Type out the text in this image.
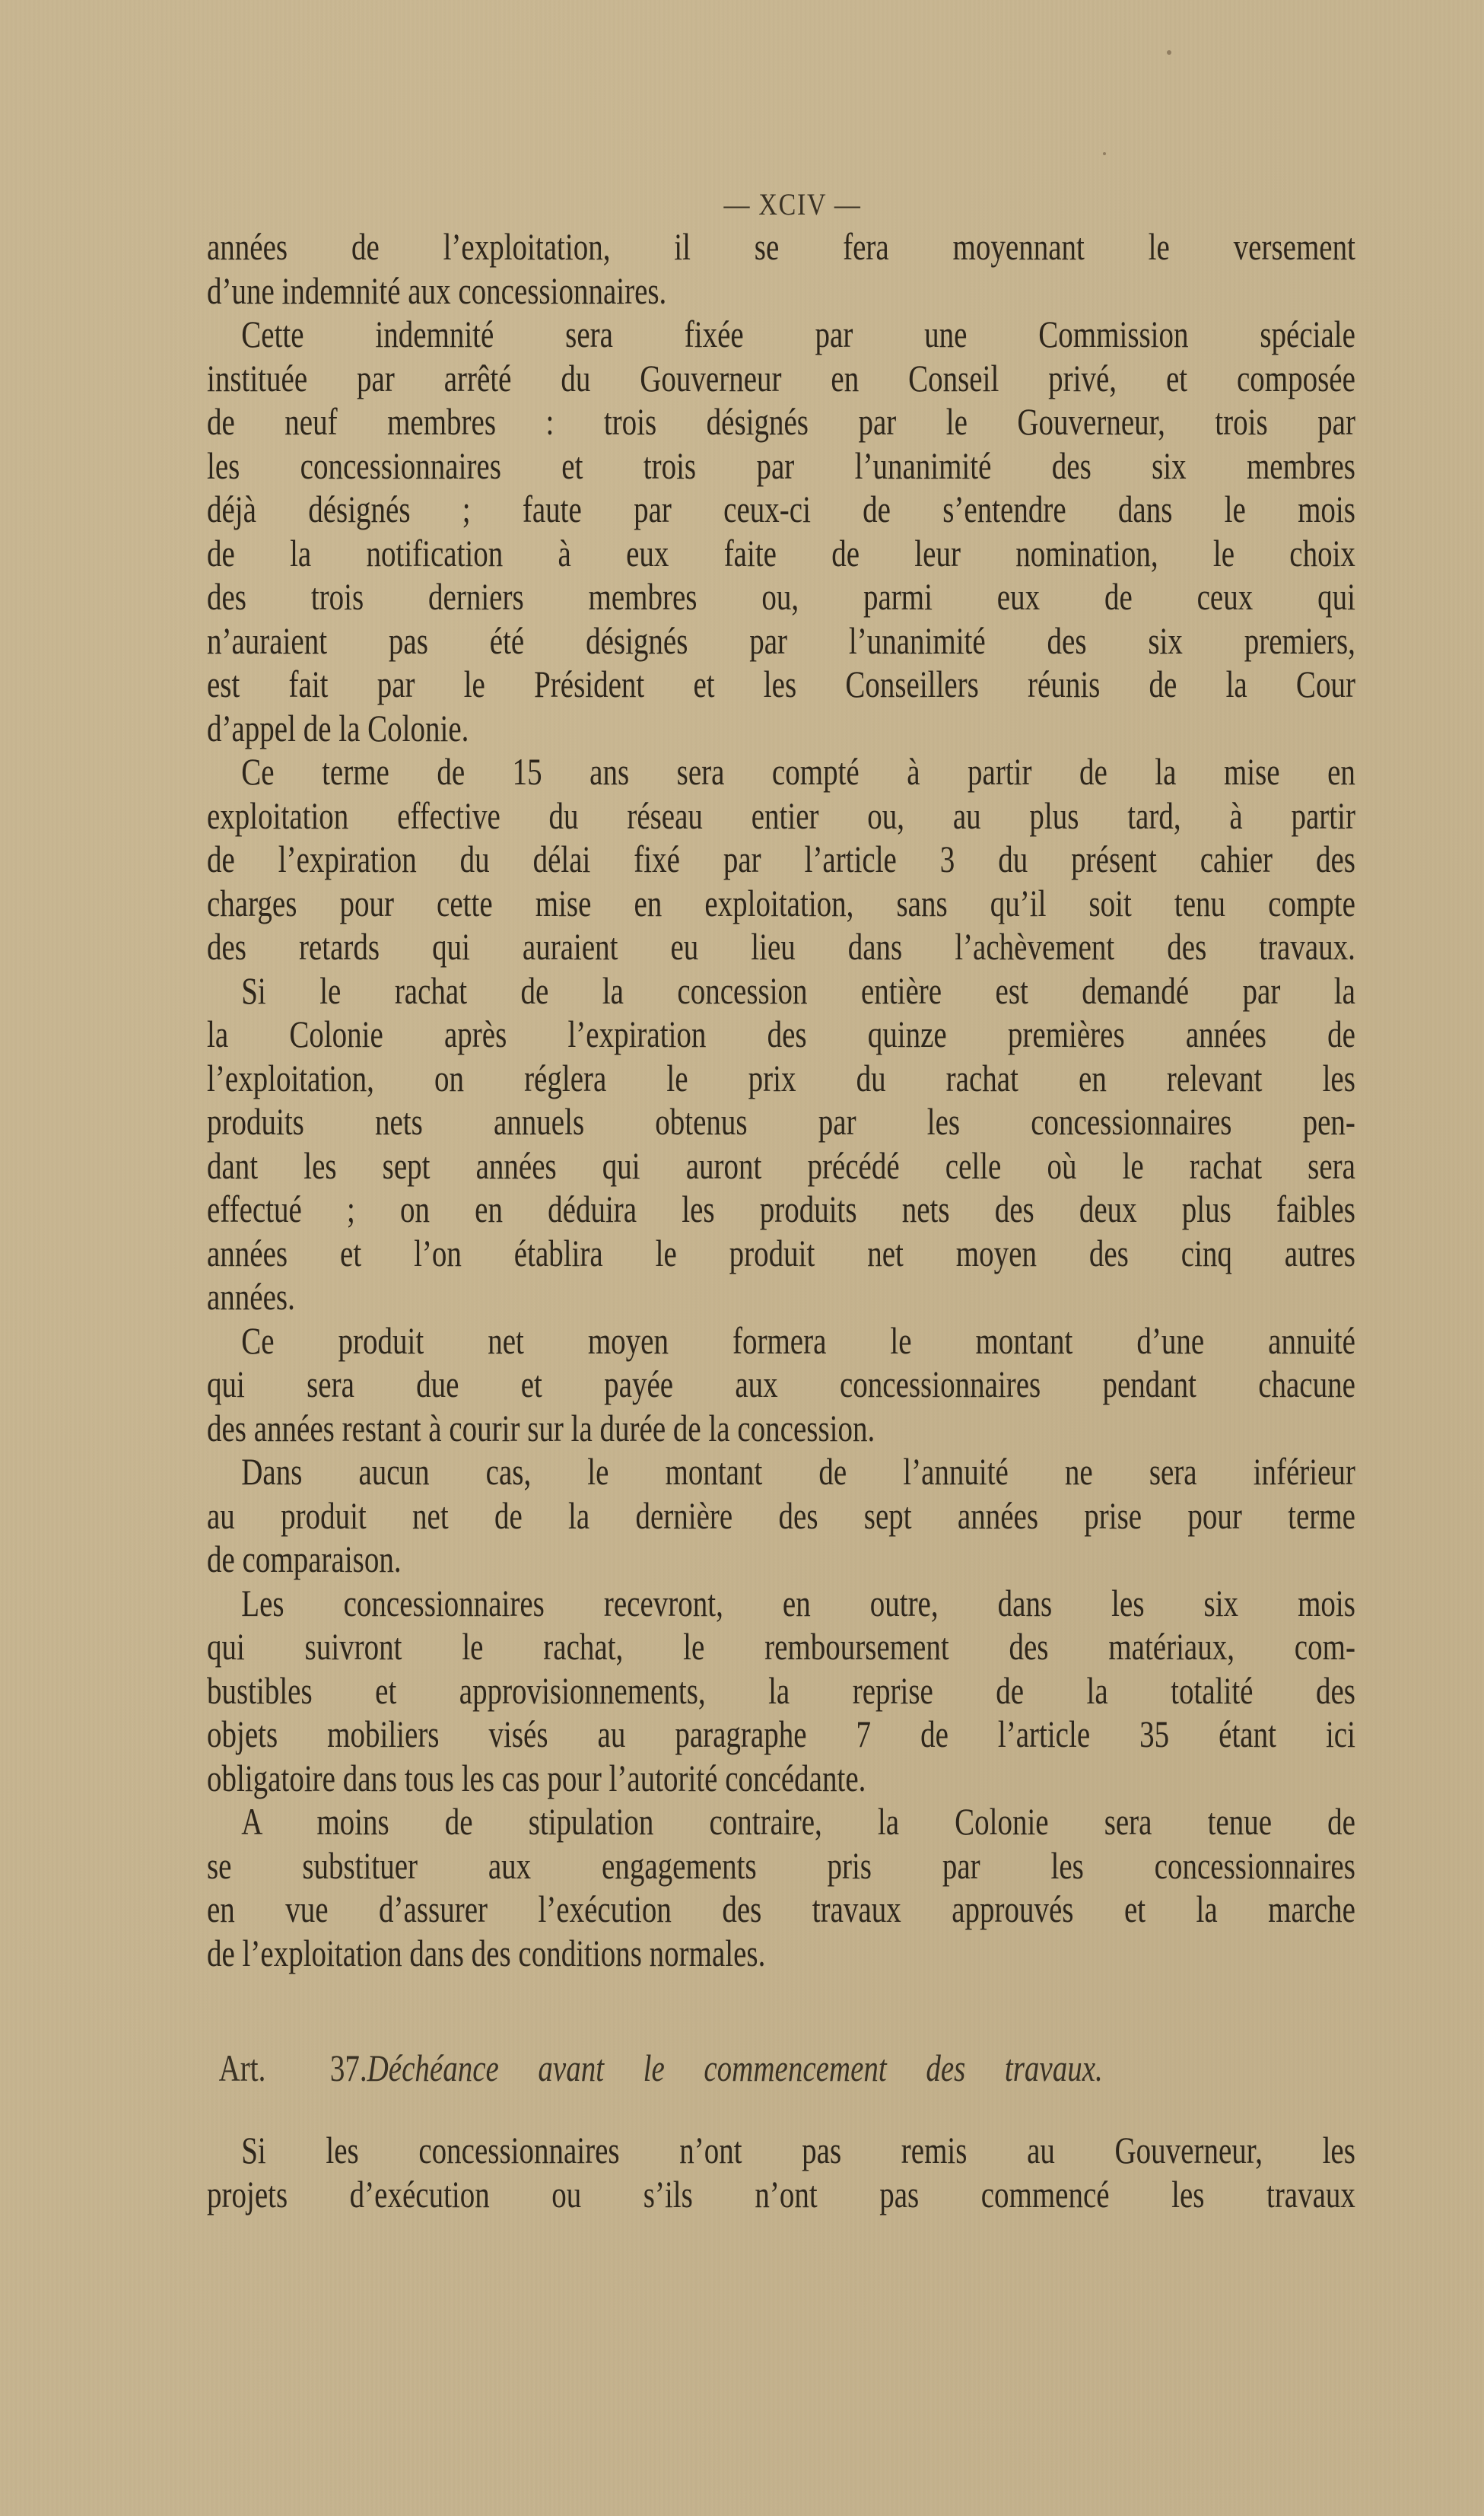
— XCIV —
années de l’exploitation, il se fera moyennant le versement
d’une indemnité aux concessionnaires.
Cette indemnité sera fixée par une Commission spéciale
instituée par arrêté du Gouverneur en Conseil privé, et composée
de neuf membres : trois désignés par le Gouverneur, trois par
les concessionnaires et trois par l’unanimité des six membres
déjà désignés ; faute par ceux-ci de s’entendre dans le mois
de la notification à eux faite de leur nomination, le choix
des trois derniers membres ou, parmi eux de ceux qui
n’auraient pas été désignés par l’unanimité des six premiers,
est fait par le Président et les Conseillers réunis de la Cour
d’appel de la Colonie.
Ce terme de 15 ans sera compté à partir de la mise en
exploitation effective du réseau entier ou, au plus tard, à partir
de l’expiration du délai fixé par l’article 3 du présent cahier des
charges pour cette mise en exploitation, sans qu’il soit tenu compte
des retards qui auraient eu lieu dans l’achèvement des travaux.
Si le rachat de la concession entière est demandé par la
la Colonie après l’expiration des quinze premières années de
l’exploitation, on réglera le prix du rachat en relevant les
produits nets annuels obtenus par les concessionnaires pen-
dant les sept années qui auront précédé celle où le rachat sera
effectué ; on en déduira les produits nets des deux plus faibles
années et l’on établira le produit net moyen des cinq autres
années.
Ce produit net moyen formera le montant d’une annuité
qui sera due et payée aux concessionnaires pendant chacune
des années restant à courir sur la durée de la concession.
Dans aucun cas, le montant de l’annuité ne sera inférieur
au produit net de la dernière des sept années prise pour terme
de comparaison.
Les concessionnaires recevront, en outre, dans les six mois
qui suivront le rachat, le remboursement des matériaux, com-
bustibles et approvisionnements, la reprise de la totalité des
objets mobiliers visés au paragraphe 7 de l’article 35 étant ici
obligatoire dans tous les cas pour l’autorité concédante.
A moins de stipulation contraire, la Colonie sera tenue de
se substituer aux engagements pris par les concessionnaires
en vue d’assurer l’exécution des travaux approuvés et la marche
de l’exploitation dans des conditions normales.
Art. 37.Déchéance avant le commencement des travaux.
Si les concessionnaires n’ont pas remis au Gouverneur, les
projets d’exécution ou s’ils n’ont pas commencé les travaux
